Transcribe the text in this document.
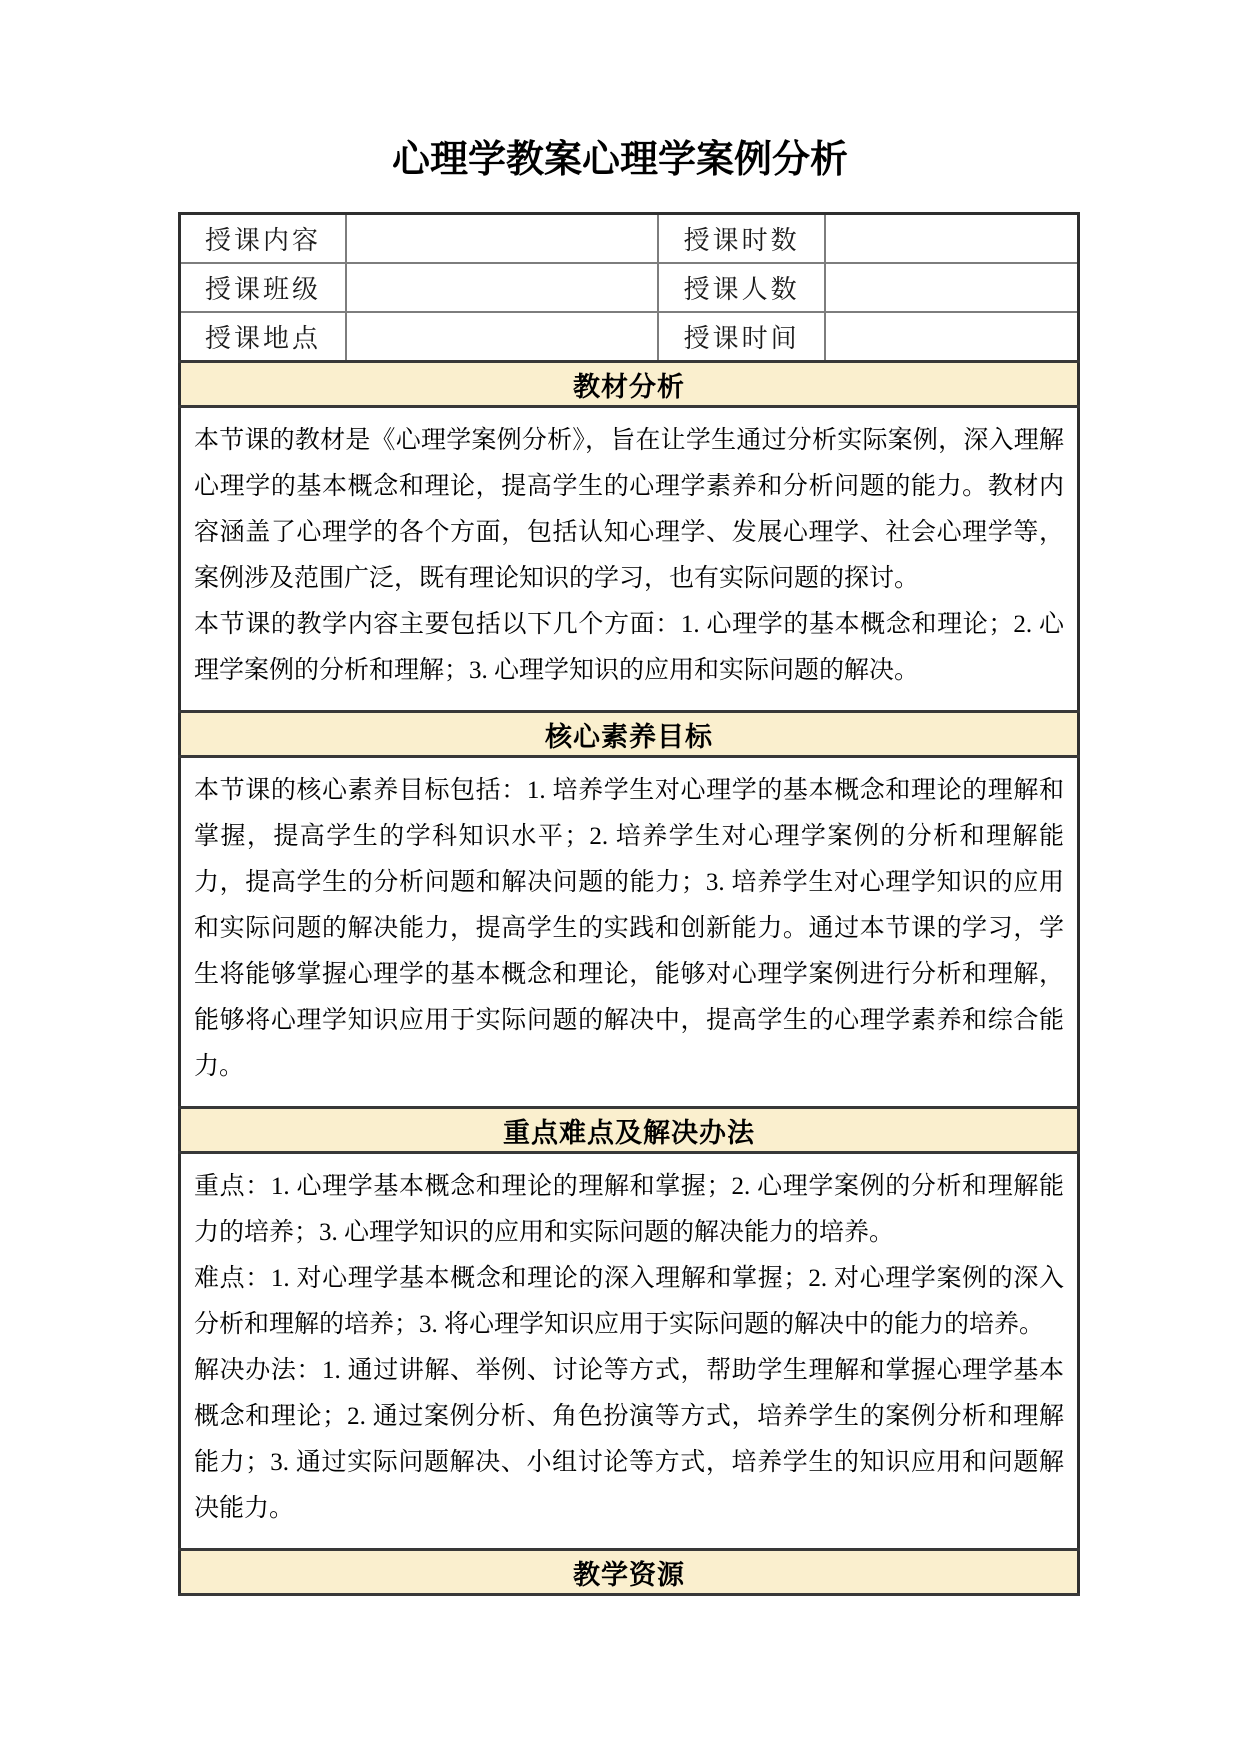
心理学教案心理学案例分析
授课内容		授课时数	
授课班级		授课人数	
授课地点		授课时间	
教材分析			

本节课的教材是《心理学案例分析》，旨在让学生通过分析实际案例，深入理解心理学的基本概念和理论，提高学生的心理学素养和分析问题的能力。教材内容涵盖了心理学的各个方面，包括认知心理学、发展心理学、社会心理学等，案例涉及范围广泛，既有理论知识的学习，也有实际问题的探讨。

本节课的教学内容主要包括以下几个方面：1. 心理学的基本概念和理论；2. 心理学案例的分析和理解；3. 心理学知识的应用和实际问题的解决。			

核心素养目标			

本节课的核心素养目标包括：1. 培养学生对心理学的基本概念和理论的理解和掌握，提高学生的学科知识水平；2. 培养学生对心理学案例的分析和理解能力，提高学生的分析问题和解决问题的能力；3. 培养学生对心理学知识的应用和实际问题的解决能力，提高学生的实践和创新能力。通过本节课的学习，学生将能够掌握心理学的基本概念和理论，能够对心理学案例进行分析和理解，能够将心理学知识应用于实际问题的解决中，提高学生的心理学素养和综合能力。			

重点难点及解决办法			

重点：1. 心理学基本概念和理论的理解和掌握；2. 心理学案例的分析和理解能力的培养；3. 心理学知识的应用和实际问题的解决能力的培养。

难点：1. 对心理学基本概念和理论的深入理解和掌握；2. 对心理学案例的深入分析和理解的培养；3. 将心理学知识应用于实际问题的解决中的能力的培养。

解决办法：1. 通过讲解、举例、讨论等方式，帮助学生理解和掌握心理学基本概念和理论；2. 通过案例分析、角色扮演等方式，培养学生的案例分析和理解能力；3. 通过实际问题解决、小组讨论等方式，培养学生的知识应用和问题解决能力。			

教学资源			
